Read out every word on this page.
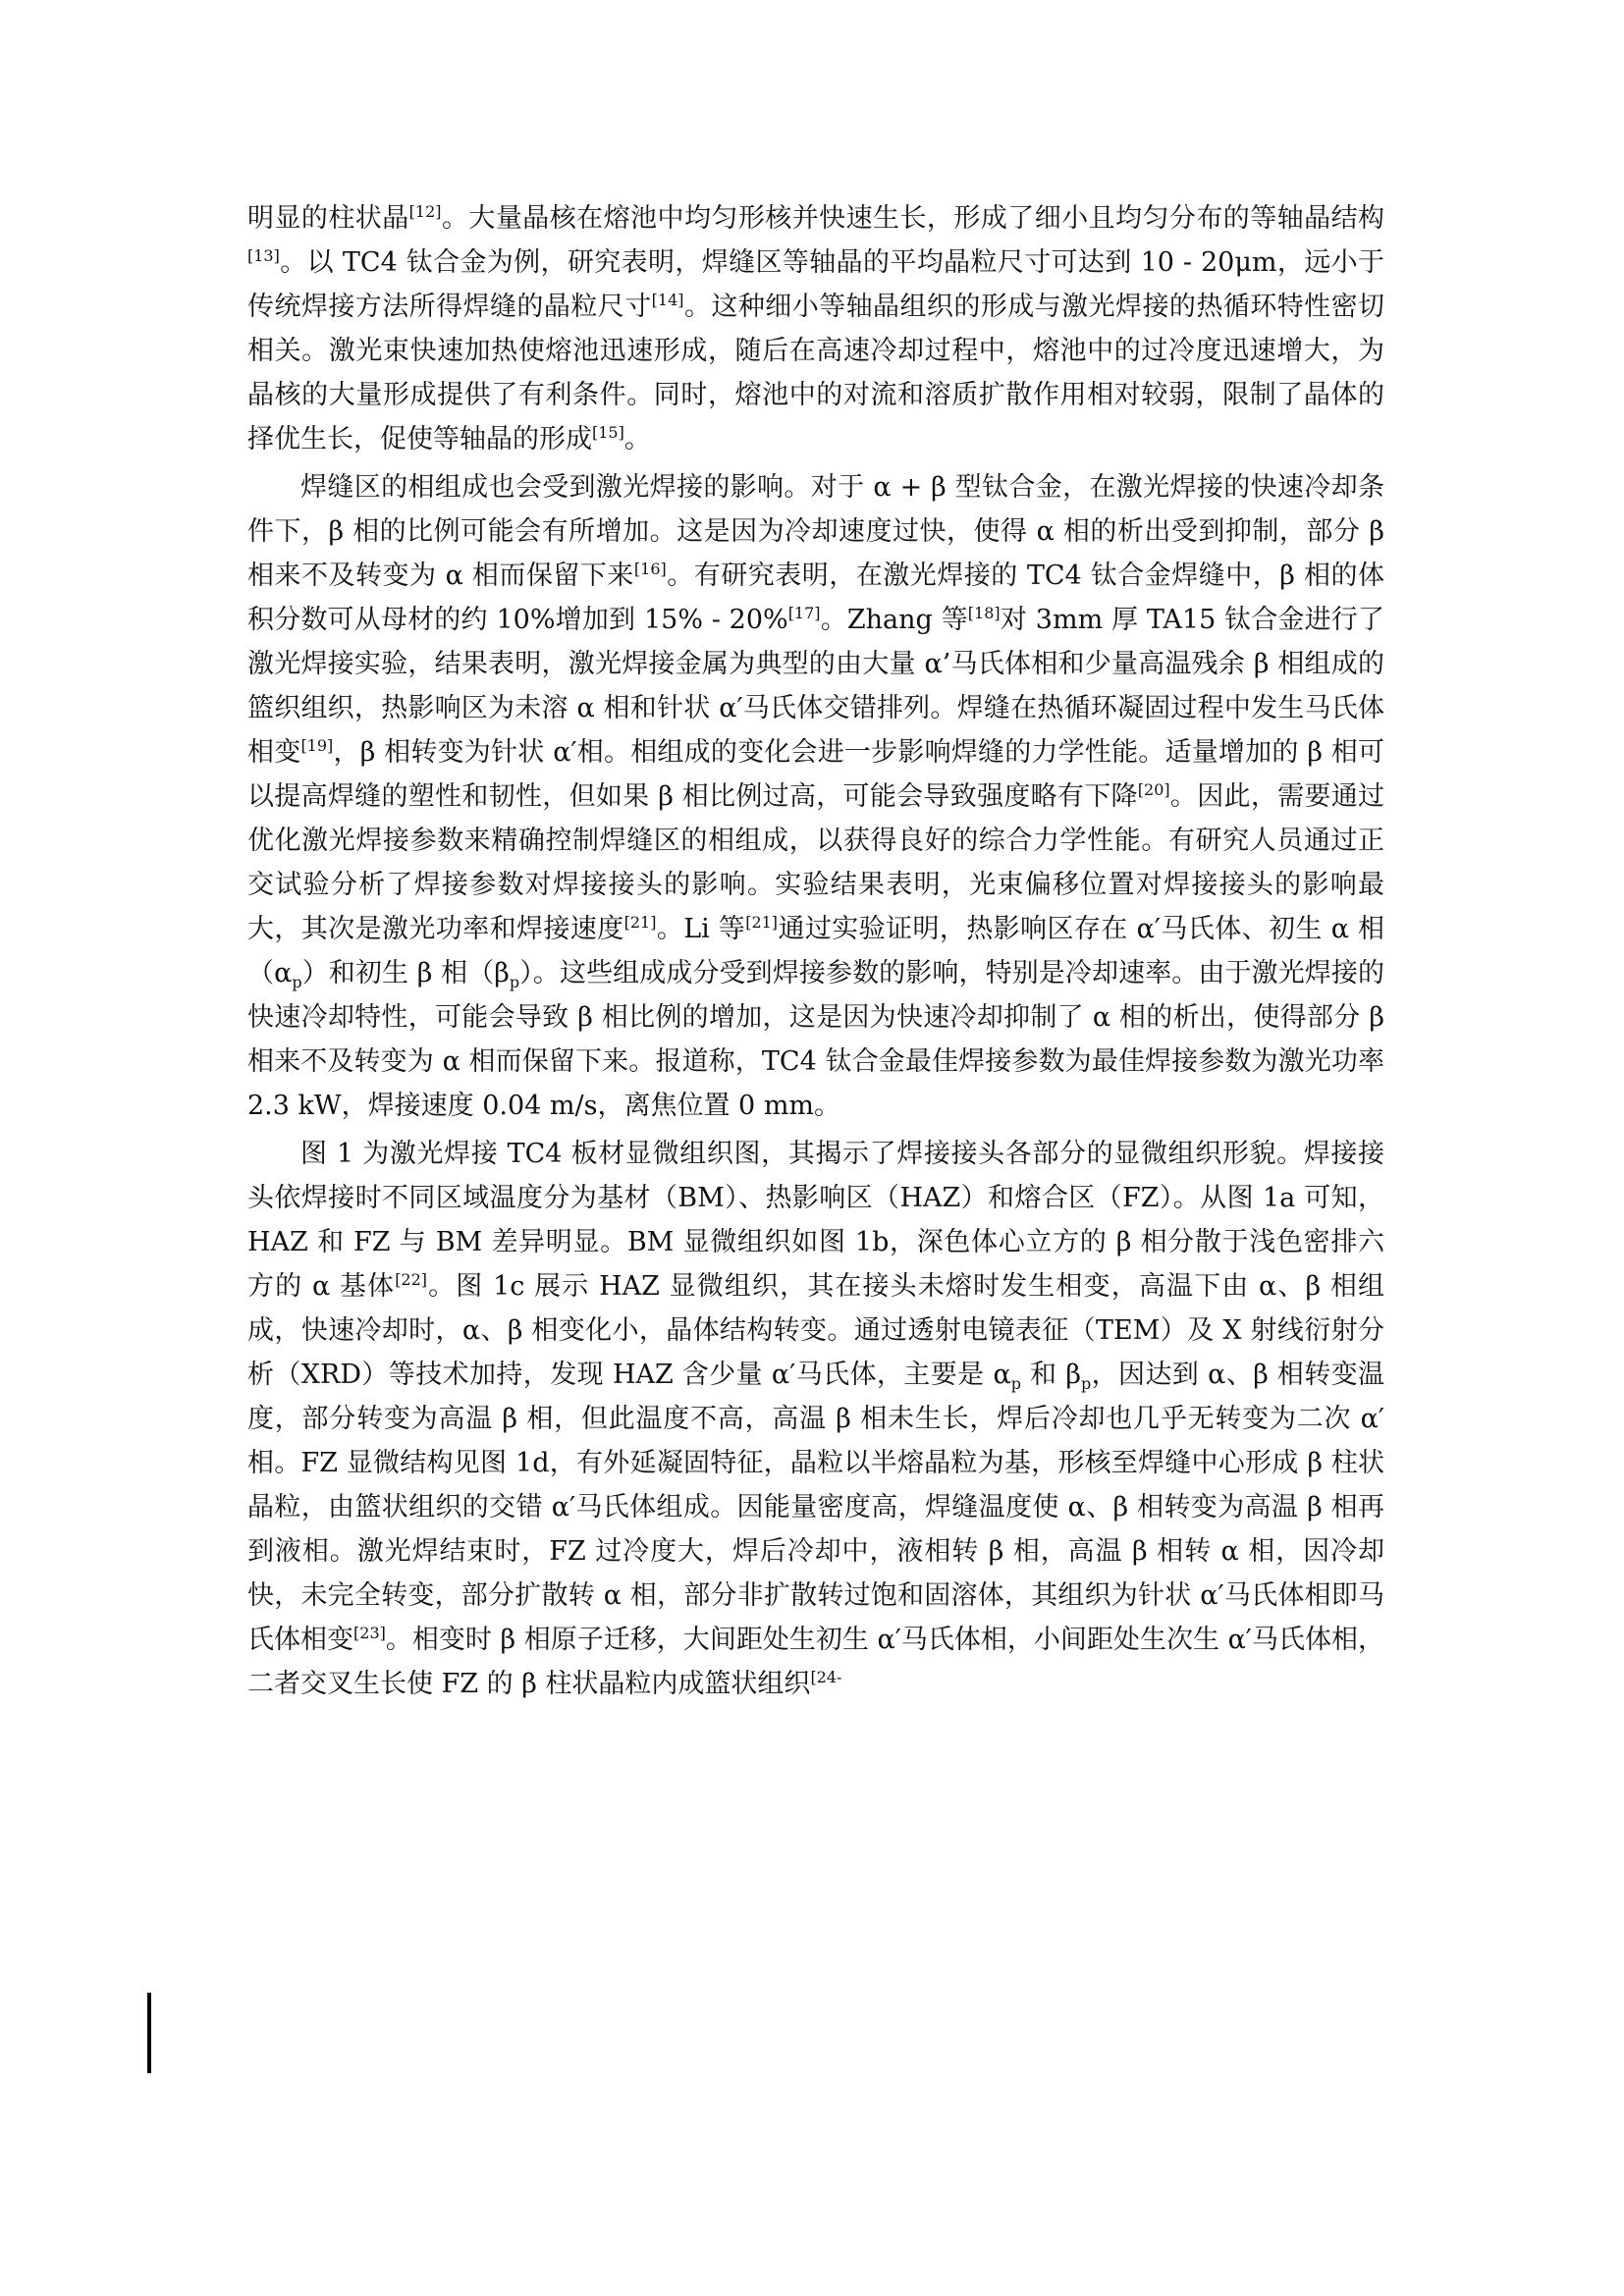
明显的柱状晶[12]。大量晶核在熔池中均匀形核并快速生长，形成了细小且均匀分布的等轴晶结构[13]。以 TC4 钛合金为例，研究表明，焊缝区等轴晶的平均晶粒尺寸可达到 10 - 20μm，远小于传统焊接方法所得焊缝的晶粒尺寸[14]。这种细小等轴晶组织的形成与激光焊接的热循环特性密切相关。激光束快速加热使熔池迅速形成，随后在高速冷却过程中，熔池中的过冷度迅速增大，为晶核的大量形成提供了有利条件。同时，熔池中的对流和溶质扩散作用相对较弱，限制了晶体的择优生长，促使等轴晶的形成[15]。

焊缝区的相组成也会受到激光焊接的影响。对于 α + β 型钛合金，在激光焊接的快速冷却条件下，β 相的比例可能会有所增加。这是因为冷却速度过快，使得 α 相的析出受到抑制，部分 β 相来不及转变为 α 相而保留下来[16]。有研究表明，在激光焊接的 TC4 钛合金焊缝中，β 相的体积分数可从母材的约 10%增加到 15% - 20%[17]。Zhang 等[18]对 3mm 厚 TA15 钛合金进行了激光焊接实验，结果表明，激光焊接金属为典型的由大量 α’马氏体相和少量高温残余 β 相组成的篮织组织，热影响区为未溶 α 相和针状 α′马氏体交错排列。焊缝在热循环凝固过程中发生马氏体相变[19]，β 相转变为针状 α′相。相组成的变化会进一步影响焊缝的力学性能。适量增加的 β 相可以提高焊缝的塑性和韧性，但如果 β 相比例过高，可能会导致强度略有下降[20]。因此，需要通过优化激光焊接参数来精确控制焊缝区的相组成，以获得良好的综合力学性能。有研究人员通过正交试验分析了焊接参数对焊接接头的影响。实验结果表明，光束偏移位置对焊接接头的影响最大，其次是激光功率和焊接速度[21]。Li 等[21]通过实验证明，热影响区存在 α′马氏体、初生 α 相$(\alpha_p)$和初生 β 相$(\beta_p)$。这些组成成分受到焊接参数的影响，特别是冷却速率。由于激光焊接的快速冷却特性，可能会导致 β 相比例的增加，这是因为快速冷却抑制了 α 相的析出，使得部分 β 相来不及转变为 α 相而保留下来。报道称，TC4 钛合金最佳焊接参数为最佳焊接参数为激光功率 2.3 kW，焊接速度 0.04 m/s，离焦位置 0 mm。

图 1 为激光焊接 TC4 板材显微组织图，其揭示了焊接接头各部分的显微组织形貌。焊接接头依焊接时不同区域温度分为基材（BM）、热影响区（HAZ）和熔合区（FZ）。从图 1a 可知，HAZ 和 FZ 与 BM 差异明显。BM 显微组织如图 1b，深色体心立方的 β 相分散于浅色密排六方的 α 基体[22]。图 1c 展示 HAZ 显微组织，其在接头未熔时发生相变，高温下由 α、β 相组成，快速冷却时，α、β 相变化小，晶体结构转变。通过透射电镜表征（TEM）及 X 射线衍射分析（XRD）等技术加持，发现 HAZ 含少量 α′马氏体，主要是 $\alpha_p$ 和 $\beta_p$，因达到 α、β 相转变温度，部分转变为高温 β 相，但此温度不高，高温 β 相未生长，焊后冷却也几乎无转变为二次 α′相。FZ 显微结构见图 1d，有外延凝固特征，晶粒以半熔晶粒为基，形核至焊缝中心形成 β 柱状晶粒，由篮状组织的交错 α′马氏体组成。因能量密度高，焊缝温度使 α、β 相转变为高温 β 相再到液相。激光焊结束时，FZ 过冷度大，焊后冷却中，液相转 β 相，高温 β 相转 α 相，因冷却快，未完全转变，部分扩散转 α 相，部分非扩散转过饱和固溶体，其组织为针状 α′马氏体相即马氏体相变[23]。相变时 β 相原子迁移，大间距处生初生 α′马氏体相，小间距处生次生 α′马氏体相，二者交叉生长使 FZ 的 β 柱状晶粒内成篮状组织$^{[24-}$
